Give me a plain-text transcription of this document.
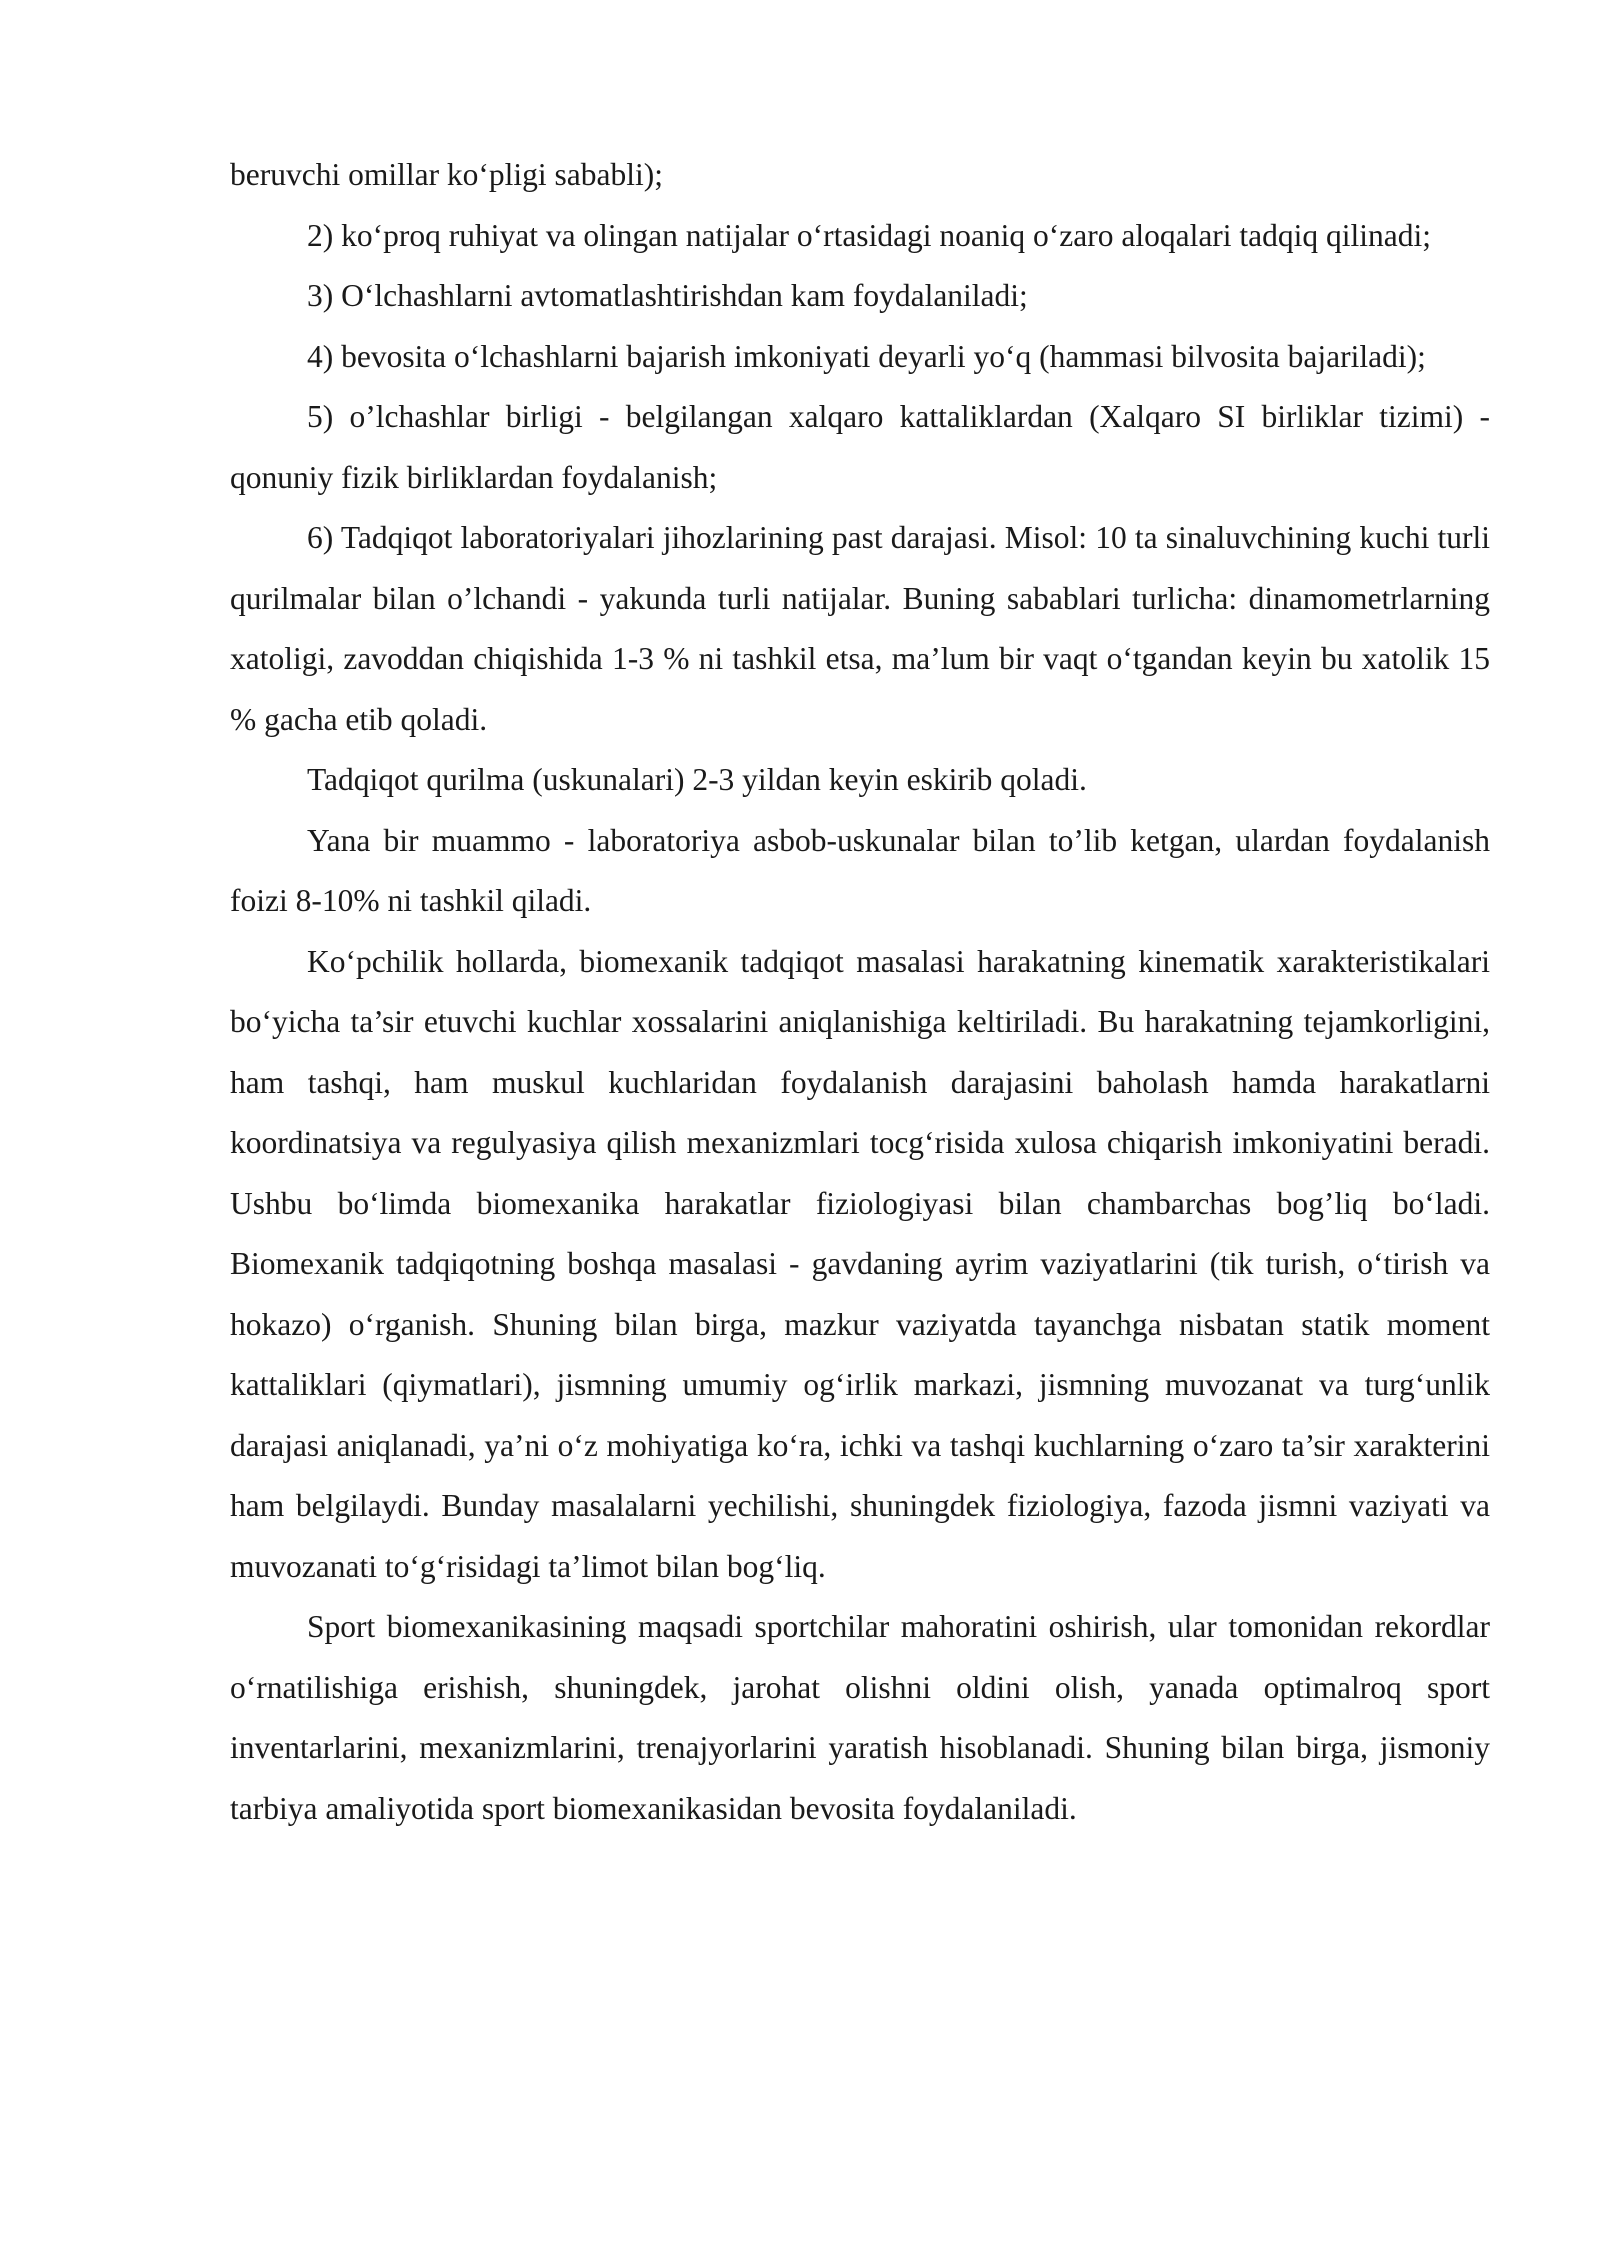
beruvchi omillar ko‘pligi sababli);

2) ko‘proq ruhiyat va olingan natijalar o‘rtasidagi noaniq o‘zaro aloqalari tadqiq qilinadi;

3) O‘lchashlarni avtomatlashtirishdan kam foydalaniladi;

4) bevosita o‘lchashlarni bajarish imkoniyati deyarli yo‘q (hammasi bilvosita bajariladi);

5) o’lchashlar birligi - belgilangan xalqaro kattaliklardan (Xalqaro SI birliklar tizimi) - qonuniy fizik birliklardan foydalanish;

6) Tadqiqot laboratoriyalari jihozlarining past darajasi. Misol: 10 ta sinaluvchining kuchi turli qurilmalar bilan o’lchandi - yakunda turli natijalar. Buning sabablari turlicha: dinamometrlarning xatoligi, zavoddan chiqishida 1-3 % ni tashkil etsa, ma’lum bir vaqt o‘tgandan keyin bu xatolik 15 % gacha etib qoladi.

Tadqiqot qurilma (uskunalari) 2-3 yildan keyin eskirib qoladi.

Yana bir muammo - laboratoriya asbob-uskunalar bilan to’lib ketgan, ulardan foydalanish foizi 8-10% ni tashkil qiladi.

Ko‘pchilik hollarda, biomexanik tadqiqot masalasi harakatning kinematik xarakteristikalari bo‘yicha ta’sir etuvchi kuchlar xossalarini aniqlanishiga keltiriladi. Bu harakatning tejamkorligini, ham tashqi, ham muskul kuchlaridan foydalanish darajasini baholash hamda harakatlarni koordinatsiya va regulyasiya qilish mexanizmlari tocg‘risida xulosa chiqarish imkoniyatini beradi. Ushbu bo‘limda biomexanika harakatlar fiziologiyasi bilan chambarchas bog’liq bo‘ladi. Biomexanik tadqiqotning boshqa masalasi - gavdaning ayrim vaziyatlarini (tik turish, o‘tirish va hokazo) o‘rganish. Shuning bilan birga, mazkur vaziyatda tayanchga nisbatan statik moment kattaliklari (qiymatlari), jismning umumiy og‘irlik markazi, jismning muvozanat va turg‘unlik darajasi aniqlanadi, ya’ni o‘z mohiyatiga ko‘ra, ichki va tashqi kuchlarning o‘zaro ta’sir xarakterini ham belgilaydi. Bunday masalalarni yechilishi, shuningdek fiziologiya, fazoda jismni vaziyati va muvozanati to‘g‘risidagi ta’limot bilan bog‘liq.

Sport biomexanikasining maqsadi sportchilar mahoratini oshirish, ular tomonidan rekordlar o‘rnatilishiga erishish, shuningdek, jarohat olishni oldini olish, yanada optimalroq sport inventarlarini, mexanizmlarini, trenajyorlarini yaratish hisoblanadi. Shuning bilan birga, jismoniy tarbiya amaliyotida sport biomexanikasidan bevosita foydalaniladi.
